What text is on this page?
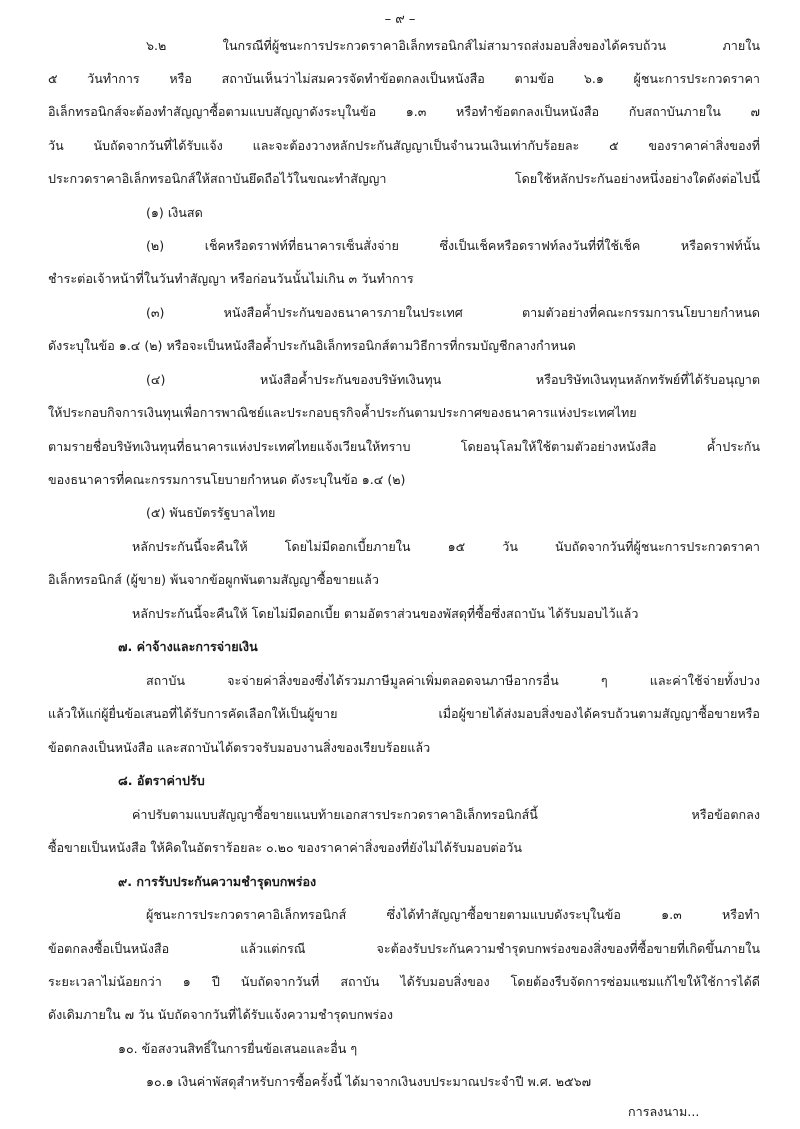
– ๙ –
๖.๒ ในกรณีที่ผู้ชนะการประกวดราคาอิเล็กทรอนิกส์ไม่สามารถส่งมอบสิ่งของได้ครบถ้วน ภายใน
๕ วันทำการ หรือ สถาบันเห็นว่าไม่สมควรจัดทำข้อตกลงเป็นหนังสือ ตามข้อ ๖.๑ ผู้ชนะการประกวดราคา
อิเล็กทรอนิกส์จะต้องทำสัญญาซื้อตามแบบสัญญาดังระบุในข้อ ๑.๓ หรือทำข้อตกลงเป็นหนังสือ กับสถาบันภายใน ๗
วัน นับถัดจากวันที่ได้รับแจ้ง และจะต้องวางหลักประกันสัญญาเป็นจำนวนเงินเท่ากับร้อยละ ๕ ของราคาค่าสิ่งของที่
ประกวดราคาอิเล็กทรอนิกส์ให้สถาบันยึดถือไว้ในขณะทำสัญญา โดยใช้หลักประกันอย่างหนึ่งอย่างใดดังต่อไปนี้
(๑) เงินสด
(๒) เช็คหรือดราฟท์ที่ธนาคารเซ็นสั่งจ่าย ซึ่งเป็นเช็คหรือดราฟท์ลงวันที่ที่ใช้เช็ค หรือดราฟท์นั้น
ชำระต่อเจ้าหน้าที่ในวันทำสัญญา หรือก่อนวันนั้นไม่เกิน ๓ วันทำการ
(๓) หนังสือค้ำประกันของธนาคารภายในประเทศ ตามตัวอย่างที่คณะกรรมการนโยบายกำหนด
ดังระบุในข้อ ๑.๔ (๒) หรือจะเป็นหนังสือค้ำประกันอิเล็กทรอนิกส์ตามวิธีการที่กรมบัญชีกลางกำหนด
(๔) หนังสือค้ำประกันของบริษัทเงินทุน หรือบริษัทเงินทุนหลักทรัพย์ที่ได้รับอนุญาต
ให้ประกอบกิจการเงินทุนเพื่อการพาณิชย์และประกอบธุรกิจค้ำประกันตามประกาศของธนาคารแห่งประเทศไทย
ตามรายชื่อบริษัทเงินทุนที่ธนาคารแห่งประเทศไทยแจ้งเวียนให้ทราบ โดยอนุโลมให้ใช้ตามตัวอย่างหนังสือ ค้ำประกัน
ของธนาคารที่คณะกรรมการนโยบายกำหนด ดังระบุในข้อ ๑.๔ (๒)
(๕) พันธบัตรรัฐบาลไทย
หลักประกันนี้จะคืนให้ โดยไม่มีดอกเบี้ยภายใน ๑๕ วัน นับถัดจากวันที่ผู้ชนะการประกวดราคา
อิเล็กทรอนิกส์ (ผู้ขาย) พ้นจากข้อผูกพันตามสัญญาซื้อขายแล้ว
หลักประกันนี้จะคืนให้ โดยไม่มีดอกเบี้ย ตามอัตราส่วนของพัสดุที่ซื้อซึ่งสถาบัน ได้รับมอบไว้แล้ว
๗. ค่าจ้างและการจ่ายเงิน
สถาบัน จะจ่ายค่าสิ่งของซึ่งได้รวมภาษีมูลค่าเพิ่มตลอดจนภาษีอากรอื่น ๆ และค่าใช้จ่ายทั้งปวง
แล้วให้แก่ผู้ยื่นข้อเสนอที่ได้รับการคัดเลือกให้เป็นผู้ขาย เมื่อผู้ขายได้ส่งมอบสิ่งของได้ครบถ้วนตามสัญญาซื้อขายหรือ
ข้อตกลงเป็นหนังสือ และสถาบันได้ตรวจรับมอบงานสิ่งของเรียบร้อยแล้ว
๘. อัตราค่าปรับ
ค่าปรับตามแบบสัญญาซื้อขายแนบท้ายเอกสารประกวดราคาอิเล็กทรอนิกส์นี้ หรือข้อตกลง
ซื้อขายเป็นหนังสือ ให้คิดในอัตราร้อยละ ๐.๒๐ ของราคาค่าสิ่งของที่ยังไม่ได้รับมอบต่อวัน
๙. การรับประกันความชำรุดบกพร่อง
ผู้ชนะการประกวดราคาอิเล็กทรอนิกส์ ซึ่งได้ทำสัญญาซื้อขายตามแบบดังระบุในข้อ ๑.๓ หรือทำ
ข้อตกลงซื้อเป็นหนังสือ แล้วแต่กรณี จะต้องรับประกันความชำรุดบกพร่องของสิ่งของที่ซื้อขายที่เกิดขึ้นภายใน
ระยะเวลาไม่น้อยกว่า ๑ ปี นับถัดจากวันที่ สถาบัน ได้รับมอบสิ่งของ โดยต้องรีบจัดการซ่อมแซมแก้ไขให้ใช้การได้ดี
ดังเดิมภายใน ๗ วัน นับถัดจากวันที่ได้รับแจ้งความชำรุดบกพร่อง
๑๐. ข้อสงวนสิทธิ์ในการยื่นข้อเสนอและอื่น ๆ
๑๐.๑ เงินค่าพัสดุสำหรับการซื้อครั้งนี้ ได้มาจากเงินงบประมาณประจำปี พ.ศ. ๒๕๖๗
การลงนาม...
